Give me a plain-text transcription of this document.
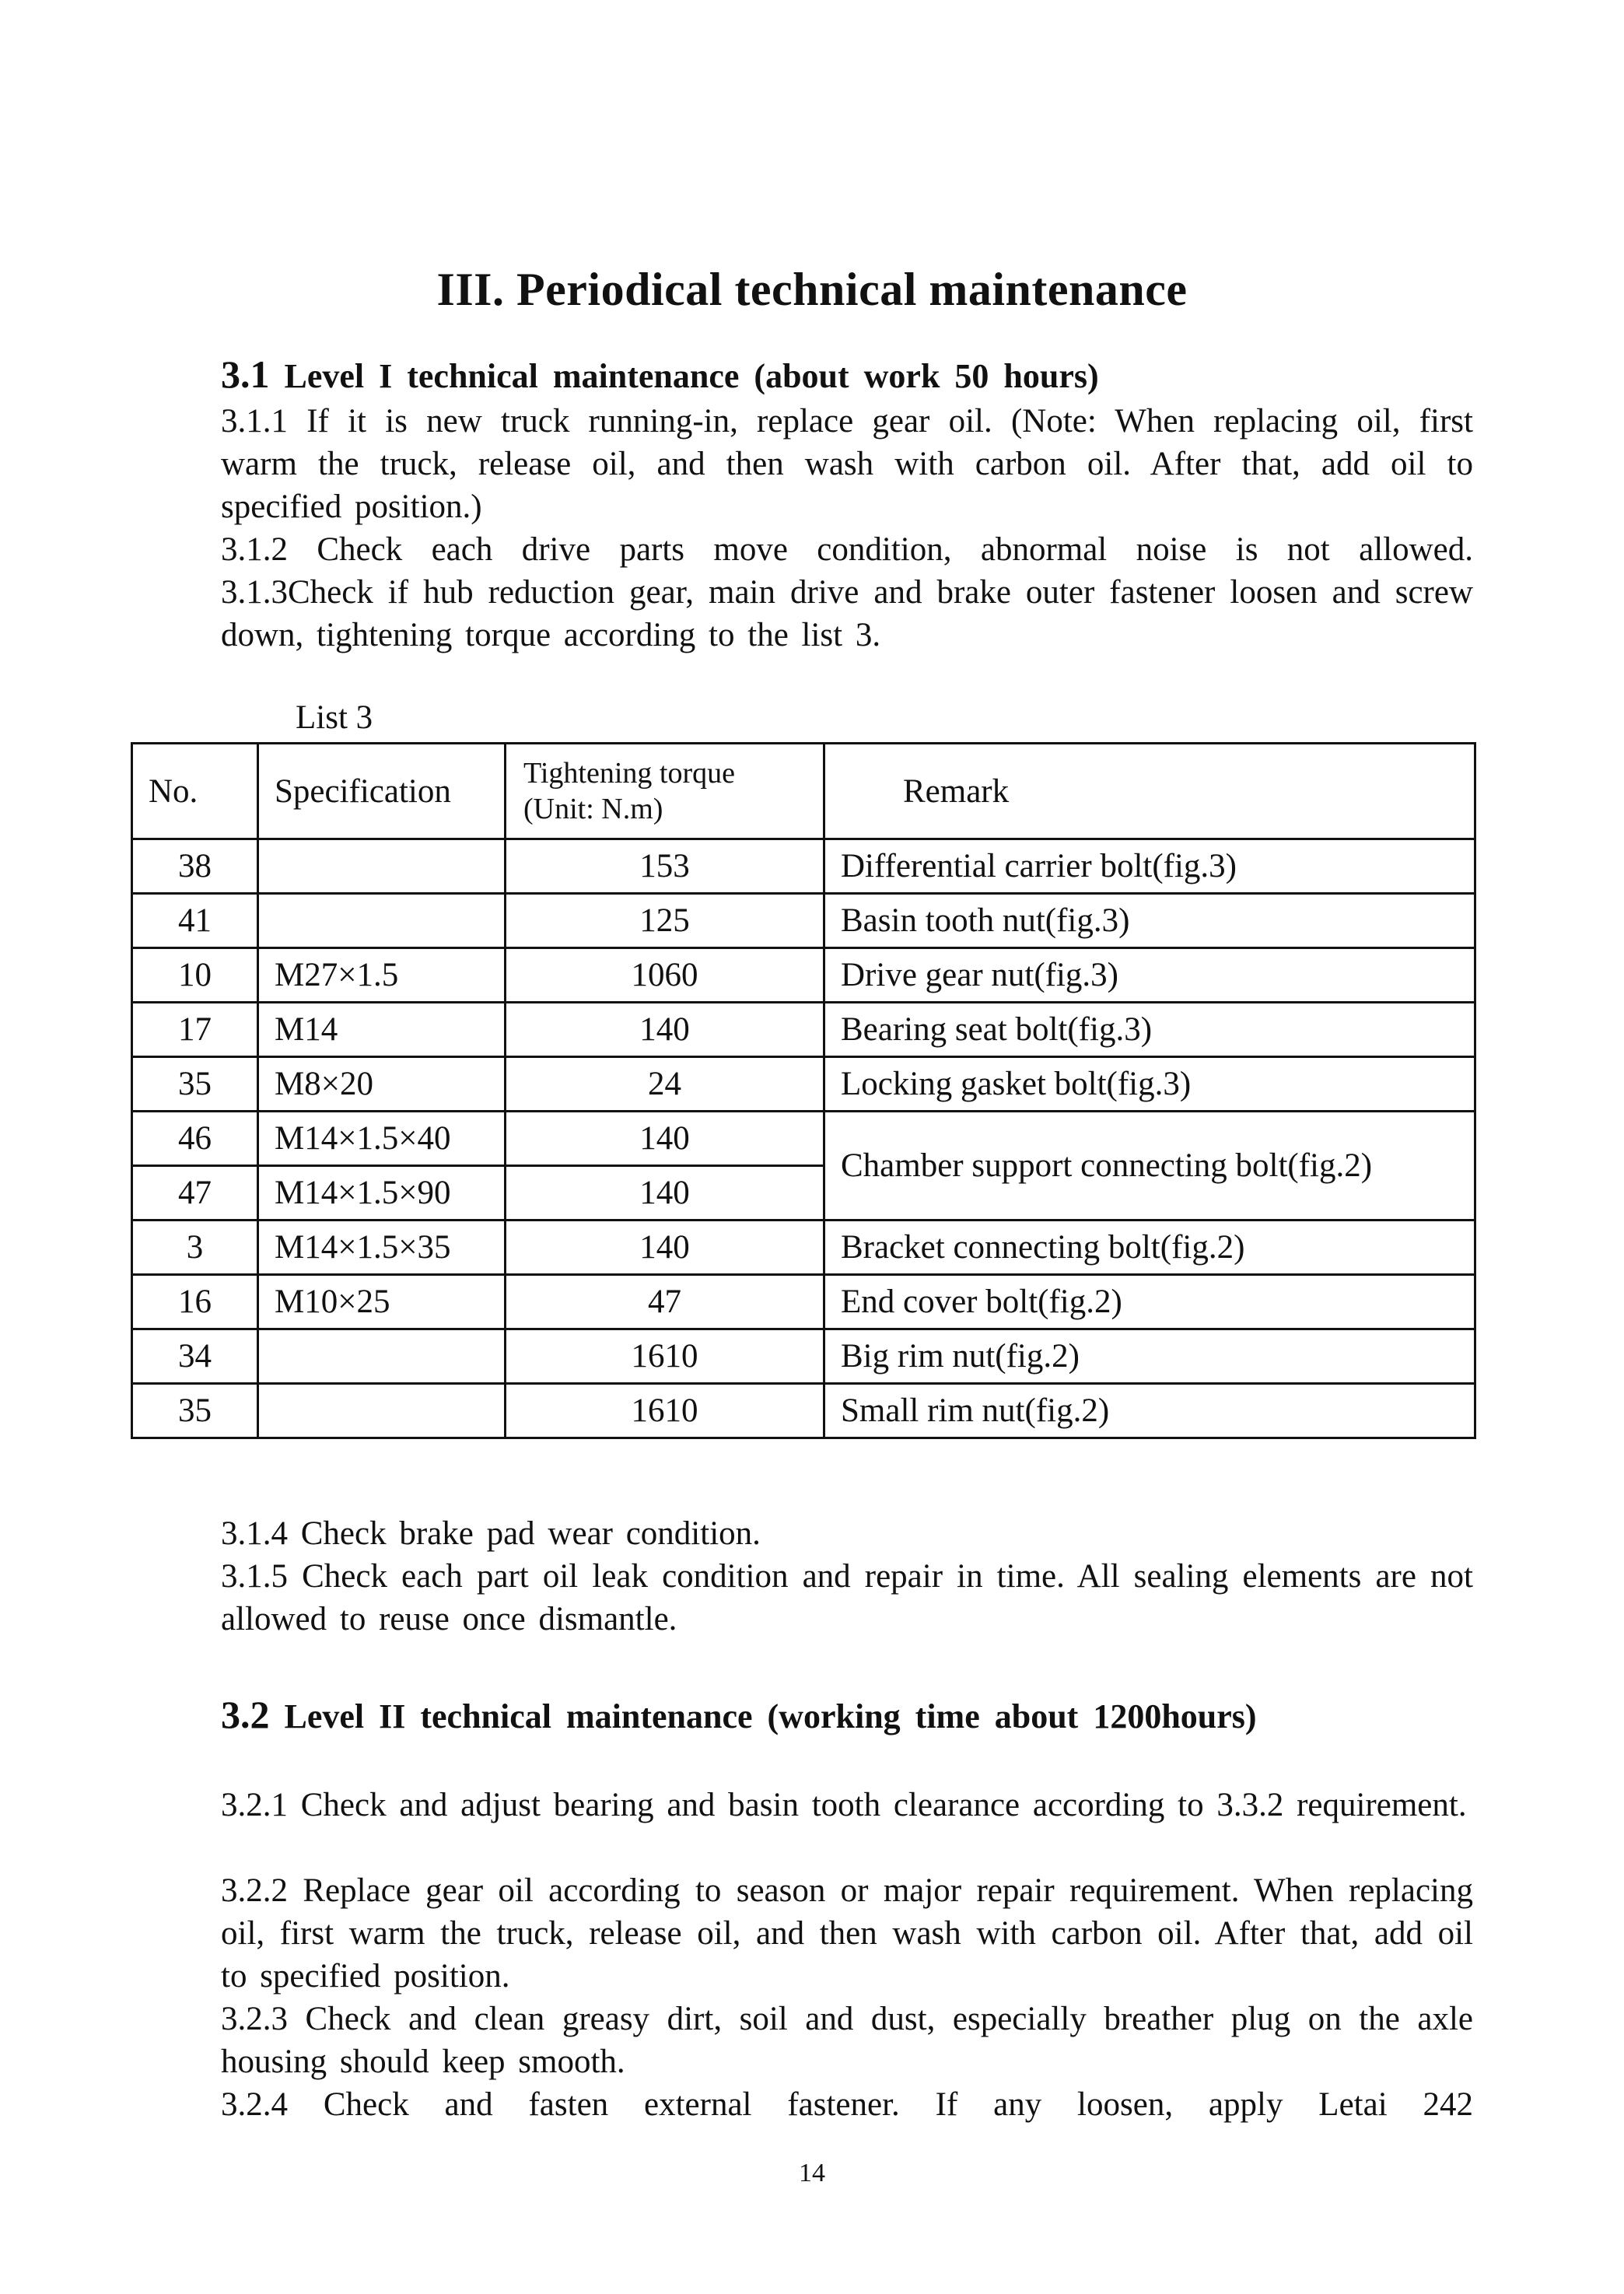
III. Periodical technical maintenance
3.1 Level I technical maintenance (about work 50 hours)
3.1.1 If it is new truck running-in, replace gear oil. (Note: When replacing oil, first warm the truck, release oil, and then wash with carbon oil. After that, add oil to specified position.)
3.1.2 Check each drive parts move condition, abnormal noise is not allowed.
3.1.3Check if hub reduction gear, main drive and brake outer fastener loosen and screw down, tightening torque according to the list 3.
List 3
No.	Specification	Tightening torque (Unit: N.m)	Remark
38		153	Differential carrier bolt(fig.3)
41		125	Basin tooth nut(fig.3)
10	M27×1.5	1060	Drive gear nut(fig.3)
17	M14	140	Bearing seat bolt(fig.3)
35	M8×20	24	Locking gasket bolt(fig.3)
46	M14×1.5×40	140	Chamber support connecting bolt(fig.2)
47	M14×1.5×90	140	
3	M14×1.5×35	140	Bracket connecting bolt(fig.2)
16	M10×25	47	End cover bolt(fig.2)
34		1610	Big rim nut(fig.2)
35		1610	Small rim nut(fig.2)
3.1.4 Check brake pad wear condition.
3.1.5 Check each part oil leak condition and repair in time. All sealing elements are not allowed to reuse once dismantle.
3.2 Level II technical maintenance (working time about 1200hours)
3.2.1 Check and adjust bearing and basin tooth clearance according to 3.3.2 requirement.
3.2.2 Replace gear oil according to season or major repair requirement. When replacing oil, first warm the truck, release oil, and then wash with carbon oil. After that, add oil to specified position.
3.2.3 Check and clean greasy dirt, soil and dust, especially breather plug on the axle housing should keep smooth.
3.2.4 Check and fasten external fastener. If any loosen, apply Letai 242
14
